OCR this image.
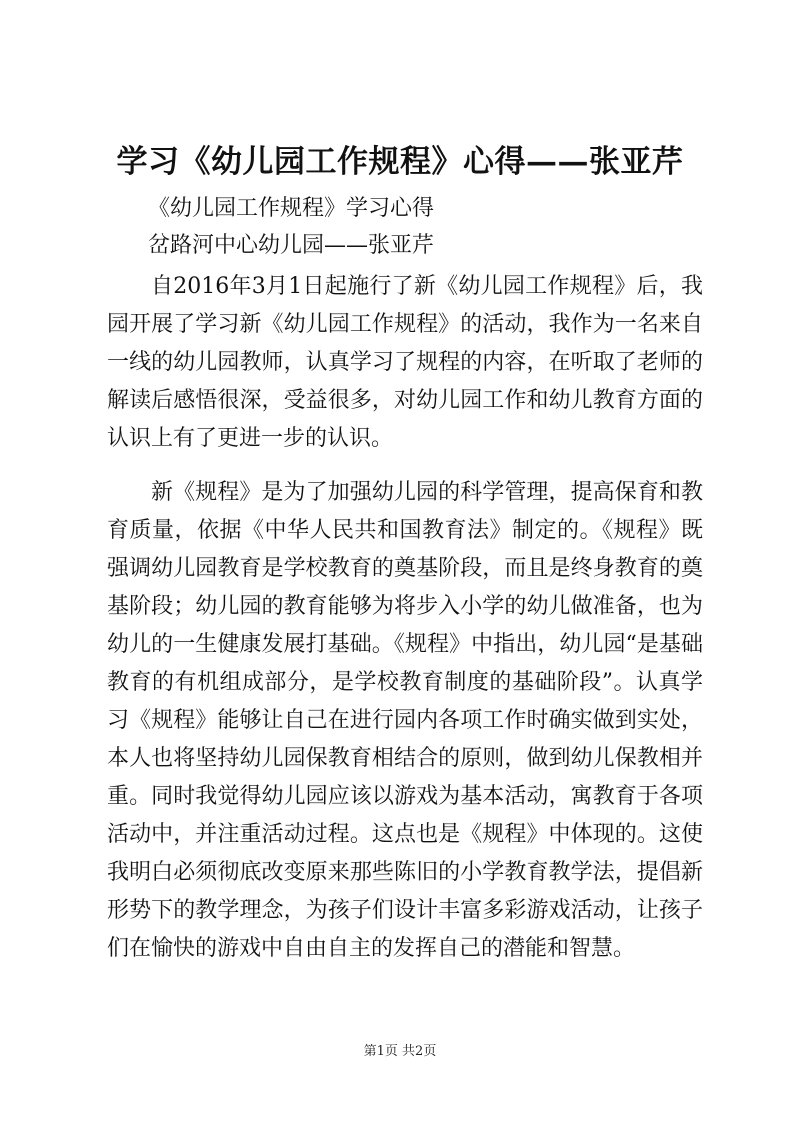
学习《幼儿园工作规程》心得——张亚芹
《幼儿园工作规程》学习心得
岔路河中心幼儿园——张亚芹

自2016年3月1日起施行了新《幼儿园工作规程》后，我园开展了学习新《幼儿园工作规程》的活动，我作为一名来自一线的幼儿园教师，认真学习了规程的内容，在听取了老师的解读后感悟很深，受益很多，对幼儿园工作和幼儿教育方面的认识上有了更进一步的认识。

新《规程》是为了加强幼儿园的科学管理，提高保育和教育质量，依据《中华人民共和国教育法》制定的。《规程》既强调幼儿园教育是学校教育的奠基阶段，而且是终身教育的奠基阶段；幼儿园的教育能够为将步入小学的幼儿做准备，也为幼儿的一生健康发展打基础。《规程》中指出，幼儿园“是基础教育的有机组成部分，是学校教育制度的基础阶段”。认真学习《规程》能够让自己在进行园内各项工作时确实做到实处，本人也将坚持幼儿园保教育相结合的原则，做到幼儿保教相并重。同时我觉得幼儿园应该以游戏为基本活动，寓教育于各项活动中，并注重活动过程。这点也是《规程》中体现的。这使我明白必须彻底改变原来那些陈旧的小学教育教学法，提倡新形势下的教学理念，为孩子们设计丰富多彩游戏活动，让孩子们在愉快的游戏中自由自主的发挥自己的潜能和智慧。

第1页 共2页
